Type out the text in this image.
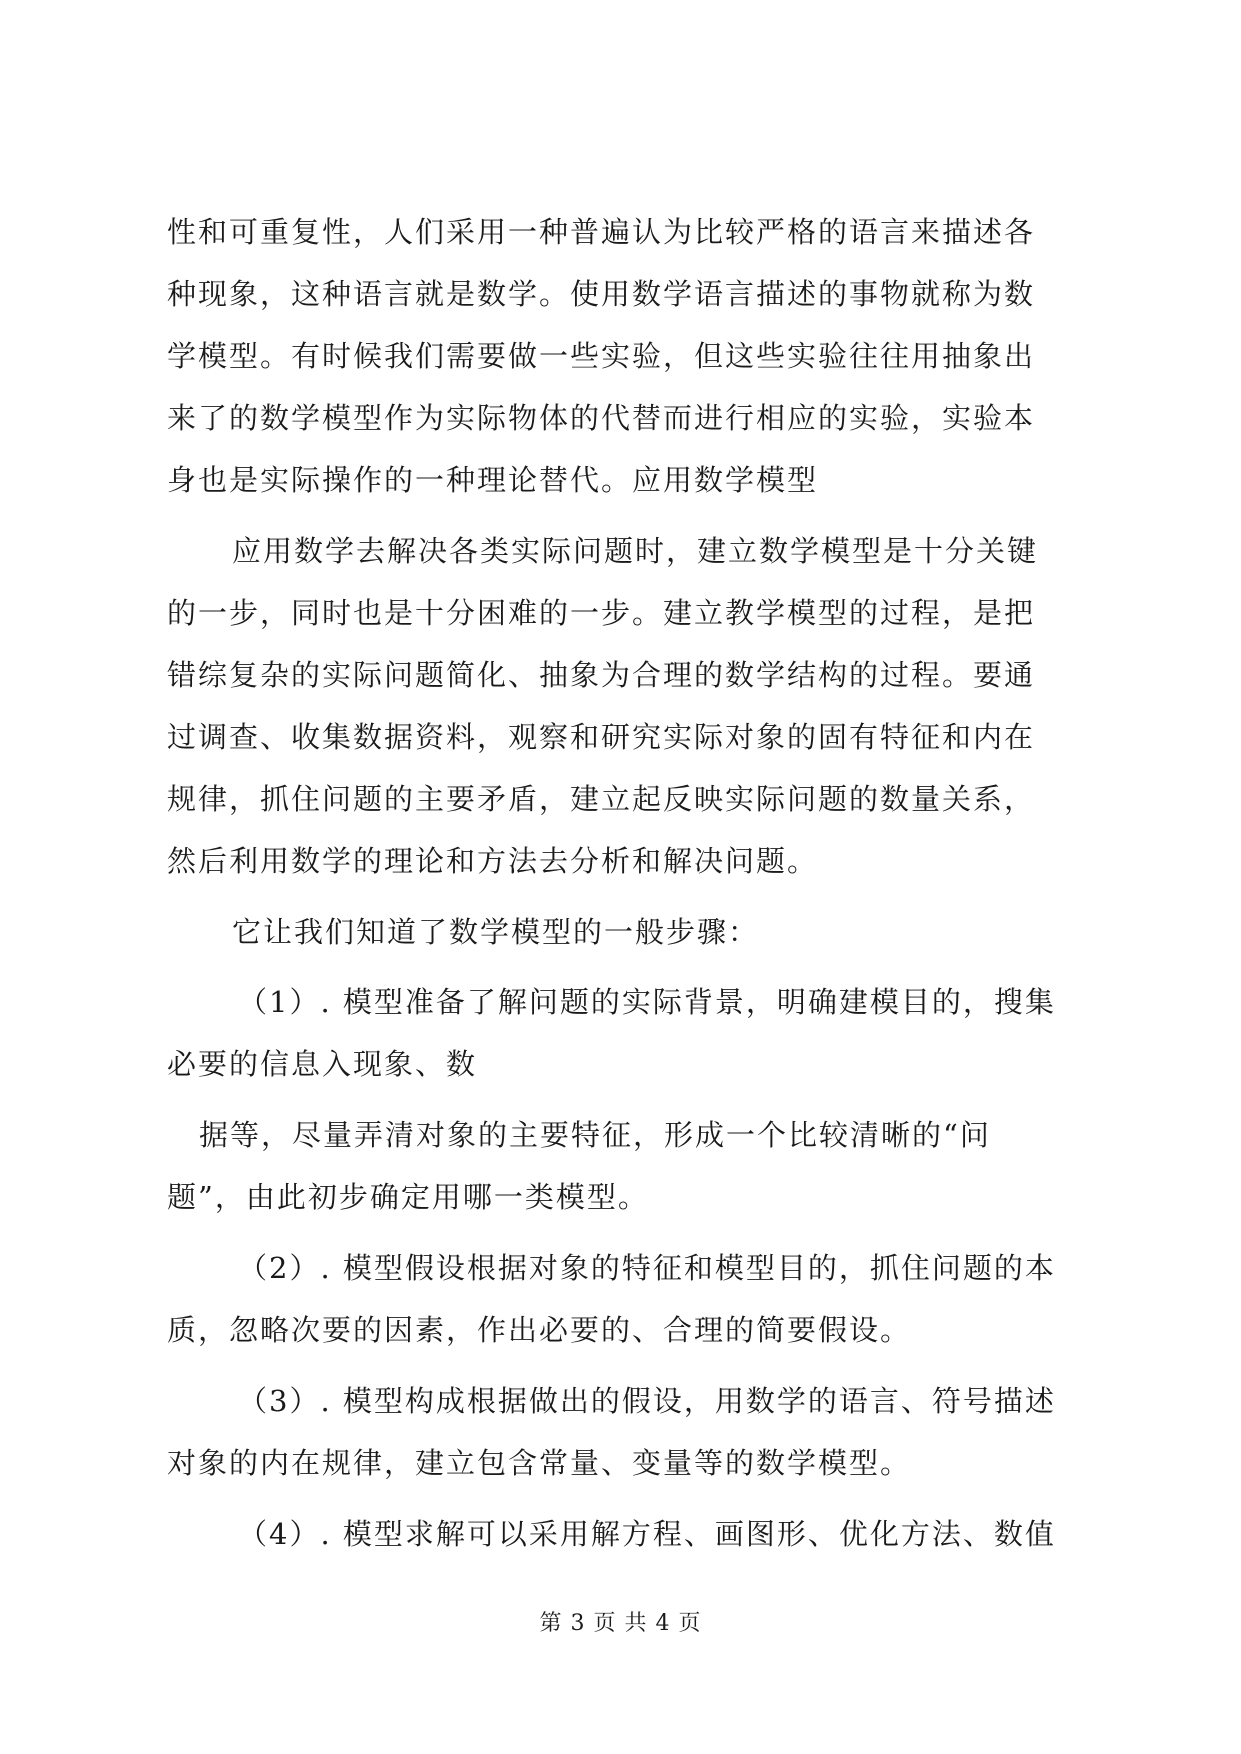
性和可重复性，人们采用一种普遍认为比较严格的语言来描述各
种现象，这种语言就是数学。使用数学语言描述的事物就称为数
学模型。有时候我们需要做一些实验，但这些实验往往用抽象出
来了的数学模型作为实际物体的代替而进行相应的实验，实验本
身也是实际操作的一种理论替代。应用数学模型
应用数学去解决各类实际问题时，建立数学模型是十分关键
的一步，同时也是十分困难的一步。建立教学模型的过程，是把
错综复杂的实际问题简化、抽象为合理的数学结构的过程。要通
过调查、收集数据资料，观察和研究实际对象的固有特征和内在
规律，抓住问题的主要矛盾，建立起反映实际问题的数量关系，
然后利用数学的理论和方法去分析和解决问题。
它让我们知道了数学模型的一般步骤：
（1）. 模型准备了解问题的实际背景，明确建模目的，搜集
必要的信息入现象、数
据等，尽量弄清对象的主要特征，形成一个比较清晰的“问
题”，由此初步确定用哪一类模型。
（2）. 模型假设根据对象的特征和模型目的，抓住问题的本
质，忽略次要的因素，作出必要的、合理的简要假设。
（3）. 模型构成根据做出的假设，用数学的语言、符号描述
对象的内在规律，建立包含常量、变量等的数学模型。
（4）. 模型求解可以采用解方程、画图形、优化方法、数值
第 3 页 共 4 页
